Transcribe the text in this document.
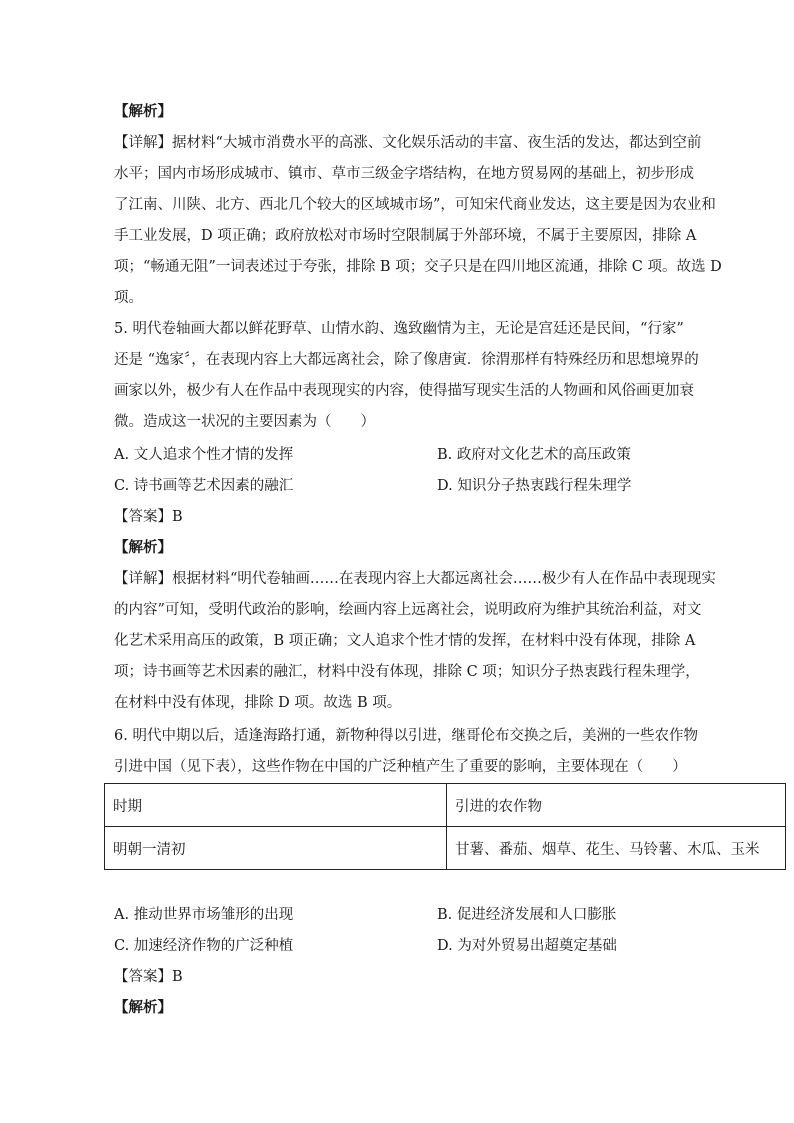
【解析】
【详解】据材料“大城市消费水平的高涨、文化娱乐活动的丰富、夜生活的发达，都达到空前
水平；国内市场形成城市、镇市、草市三级金字塔结构，在地方贸易网的基础上，初步形成
了江南、川陕、北方、西北几个较大的区域城市场”，可知宋代商业发达，这主要是因为农业和
手工业发展，D 项正确；政府放松对市场时空限制属于外部环境，不属于主要原因，排除 A
项；“畅通无阻”一词表述过于夸张，排除 B 项；交子只是在四川地区流通，排除 C 项。故选 D
项。
5. 明代卷轴画大都以鲜花野草、山情水韵、逸致幽情为主，无论是宫廷还是民间，“行家”
还是 “逸家〞，在表现内容上大都远离社会，除了像唐寅．徐渭那样有特殊经历和思想境界的
画家以外，极少有人在作品中表现现实的内容，使得描写现实生活的人物画和风俗画更加衰
微。造成这一状况的主要因素为（　　）
A. 文人追求个性才情的发挥	B. 政府对文化艺术的高压政策
C. 诗书画等艺术因素的融汇	D. 知识分子热衷践行程朱理学
【答案】B
【解析】
【详解】根据材料“明代卷轴画……在表现内容上大都远离社会……极少有人在作品中表现现实
的内容”可知，受明代政治的影响，绘画内容上远离社会，说明政府为维护其统治利益，对文
化艺术采用高压的政策，B 项正确；文人追求个性才情的发挥，在材料中没有体现，排除 A
项；诗书画等艺术因素的融汇，材料中没有体现，排除 C 项；知识分子热衷践行程朱理学，
在材料中没有体现，排除 D 项。故选 B 项。
6. 明代中期以后，适逢海路打通，新物种得以引进，继哥伦布交换之后，美洲的一些农作物
引进中国（见下表），这些作物在中国的广泛种植产生了重要的影响，主要体现在（　　）
时期	引进的农作物
明朝一清初	甘薯、番茄、烟草、花生、马铃薯、木瓜、玉米
A. 推动世界市场雏形的出现	B. 促进经济发展和人口膨胀
C. 加速经济作物的广泛种植	D. 为对外贸易出超奠定基础
【答案】B
【解析】
